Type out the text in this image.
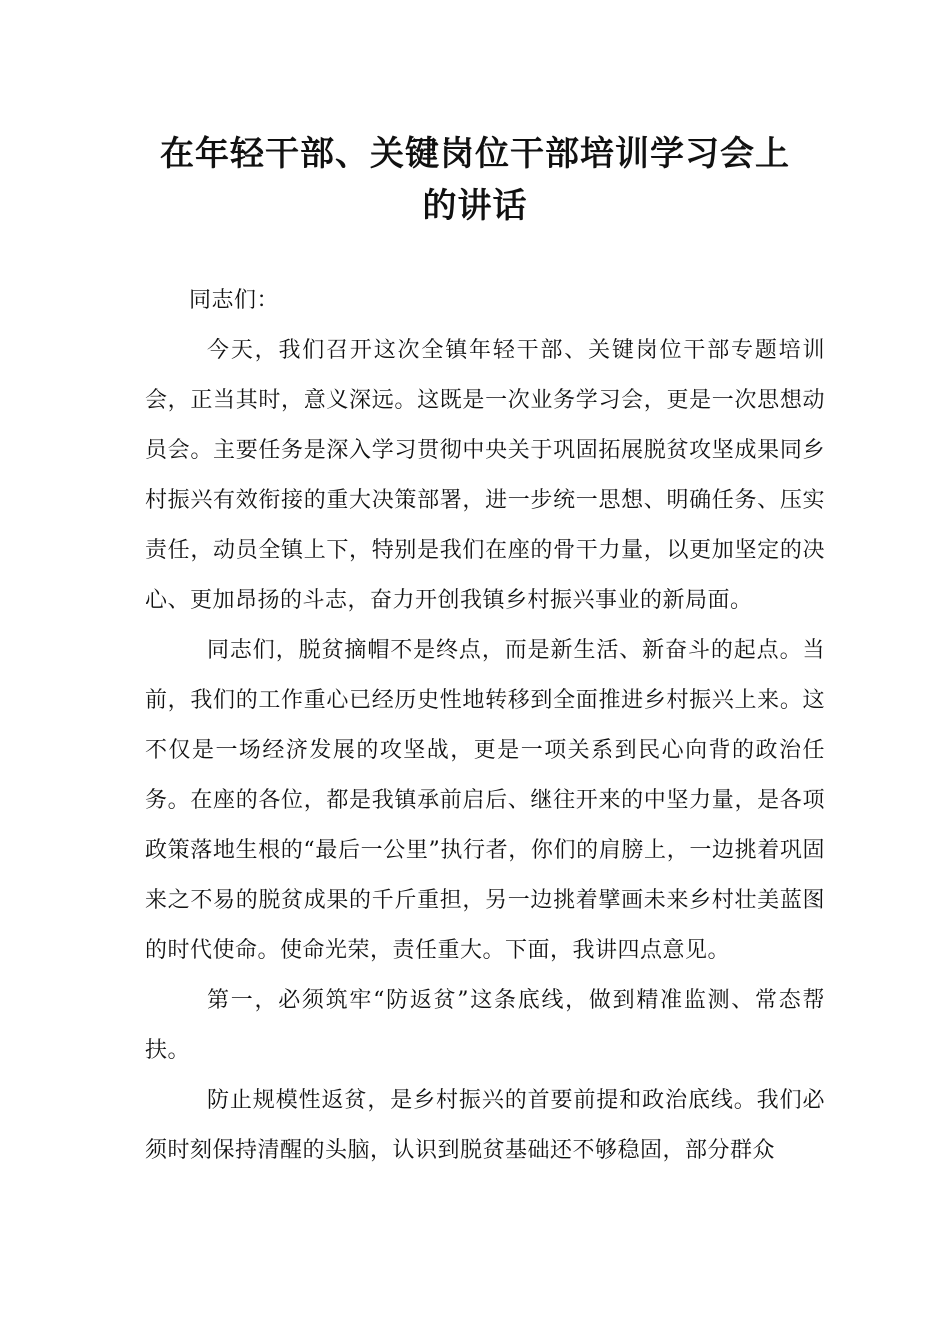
在年轻干部、关键岗位干部培训学习会上
的讲话

同志们：

今天，我们召开这次全镇年轻干部、关键岗位干部专题培训会，正当其时，意义深远。这既是一次业务学习会，更是一次思想动员会。主要任务是深入学习贯彻中央关于巩固拓展脱贫攻坚成果同乡村振兴有效衔接的重大决策部署，进一步统一思想、明确任务、压实责任，动员全镇上下，特别是我们在座的骨干力量，以更加坚定的决心、更加昂扬的斗志，奋力开创我镇乡村振兴事业的新局面。

同志们，脱贫摘帽不是终点，而是新生活、新奋斗的起点。当前，我们的工作重心已经历史性地转移到全面推进乡村振兴上来。这不仅是一场经济发展的攻坚战，更是一项关系到民心向背的政治任务。在座的各位，都是我镇承前启后、继往开来的中坚力量，是各项政策落地生根的“最后一公里”执行者，你们的肩膀上，一边挑着巩固来之不易的脱贫成果的千斤重担，另一边挑着擘画未来乡村壮美蓝图的时代使命。使命光荣，责任重大。下面，我讲四点意见。

第一，必须筑牢“防返贫”这条底线，做到精准监测、常态帮扶。

防止规模性返贫，是乡村振兴的首要前提和政治底线。我们必须时刻保持清醒的头脑，认识到脱贫基础还不够稳固，部分群众
